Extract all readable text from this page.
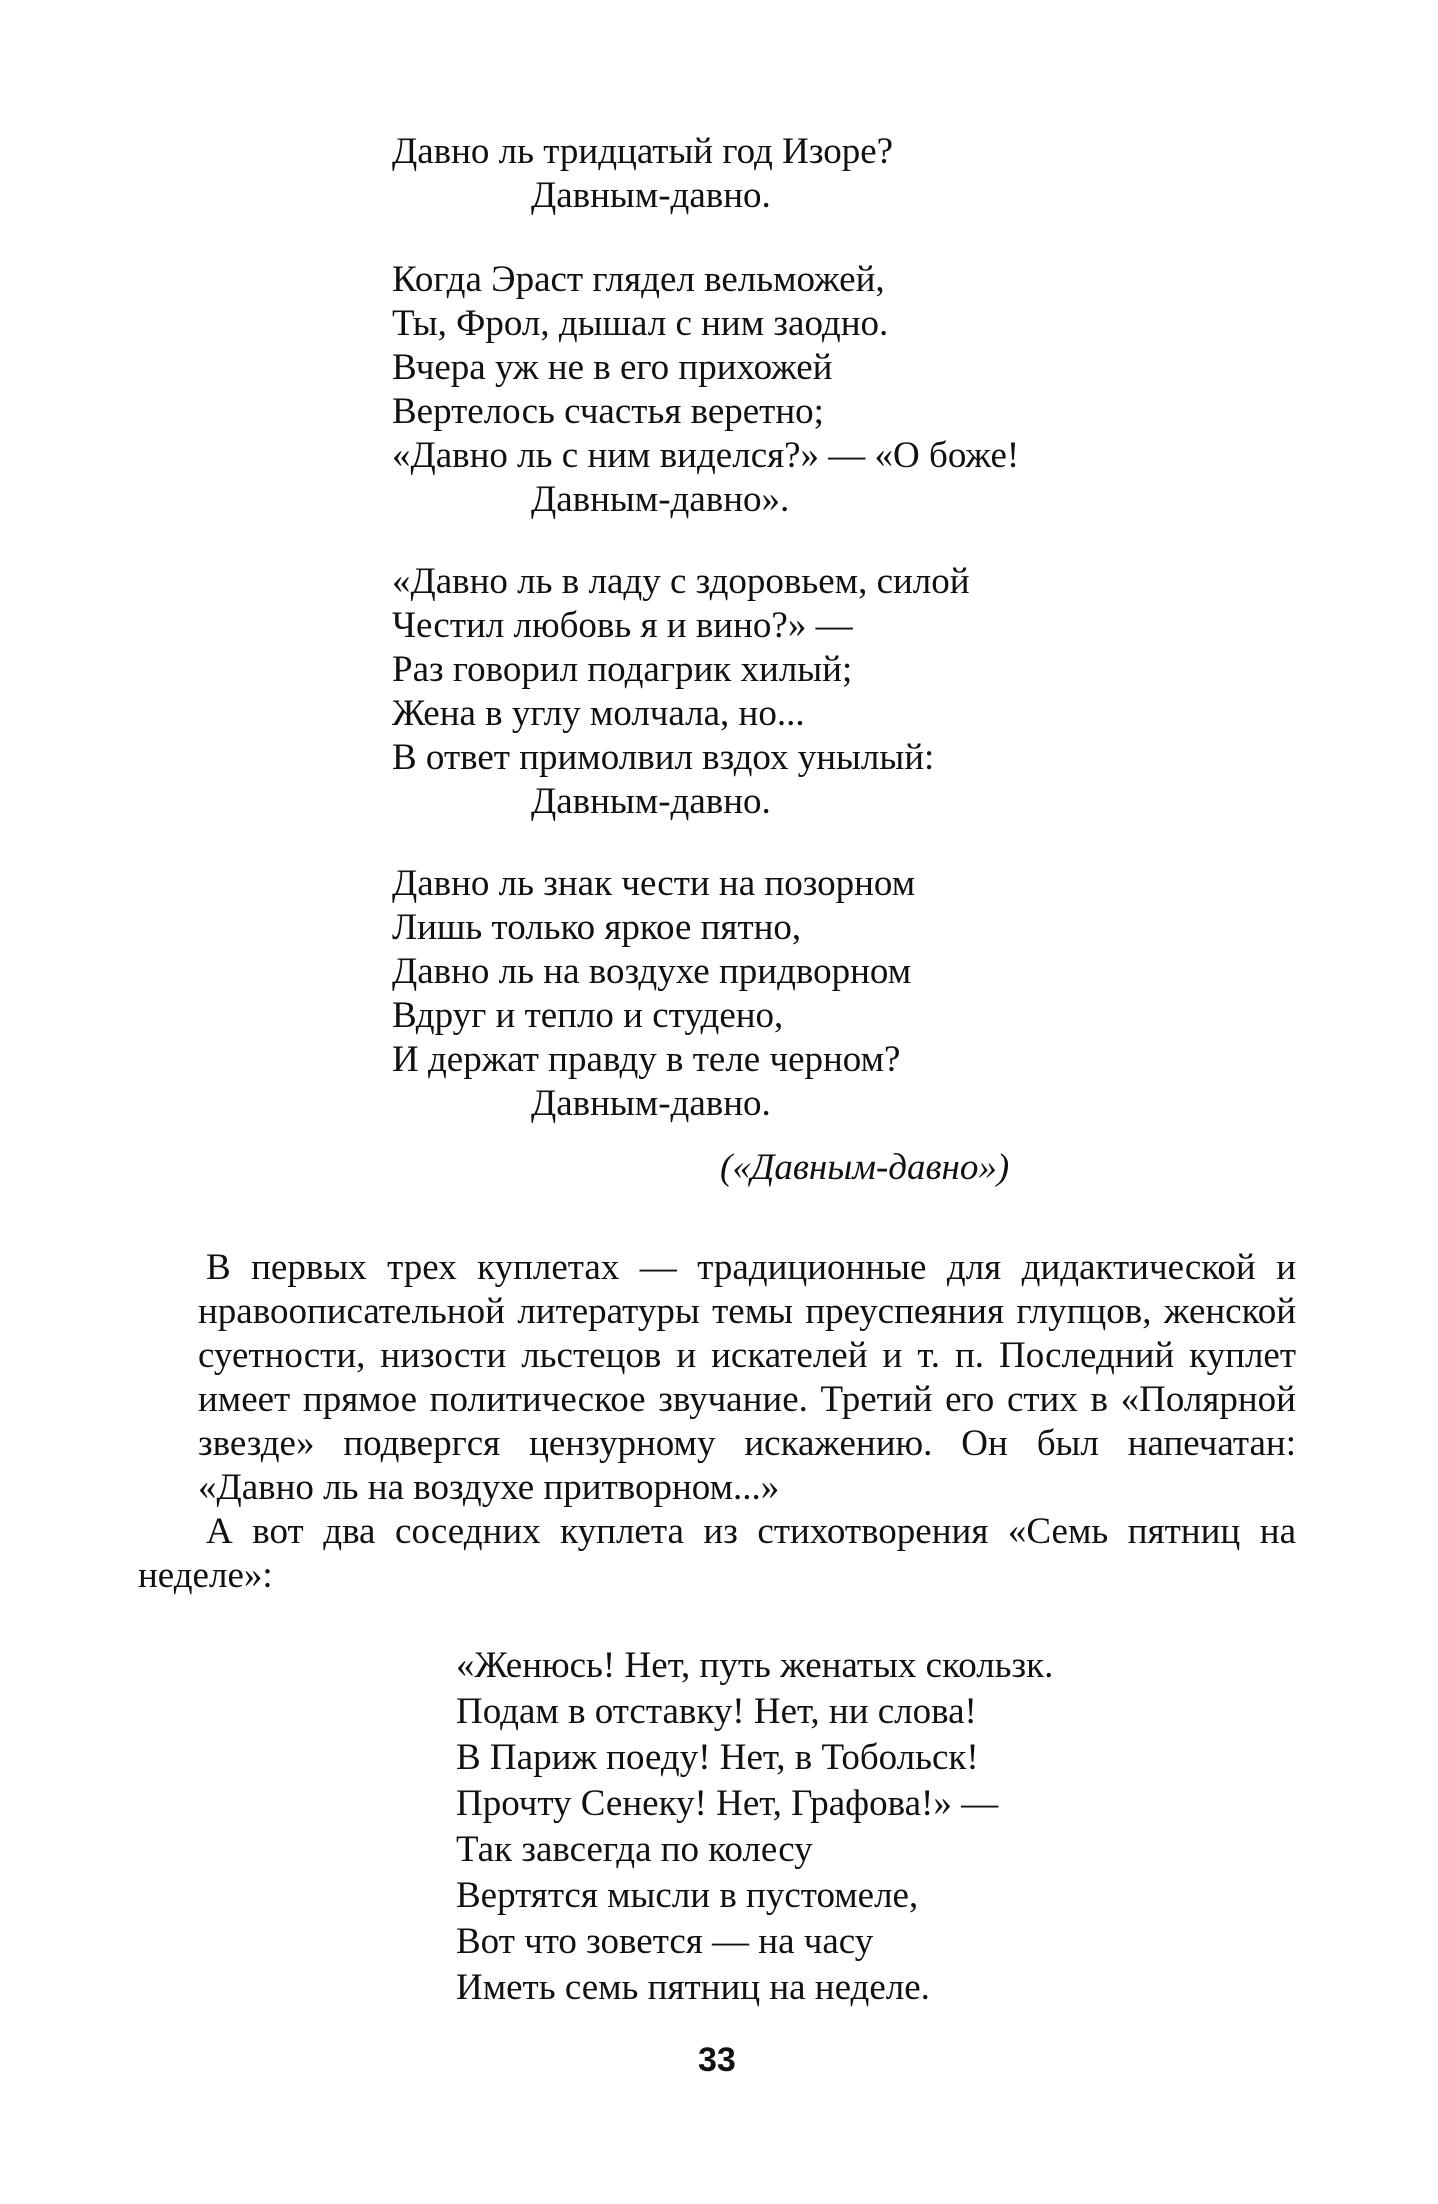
Давно ль тридцатый год Изоре?
Давным-давно.
Когда Эраст глядел вельможей,
Ты, Фрол, дышал с ним заодно.
Вчера уж не в его прихожей
Вертелось счастья веретно;
«Давно ль с ним виделся?» — «О боже!
Давным-давно».
«Давно ль в ладу с здоровьем, силой
Честил любовь я и вино?» —
Раз говорил подагрик хилый;
Жена в углу молчала, но...
В ответ примолвил вздох унылый:
Давным-давно.
Давно ль знак чести на позорном
Лишь только яркое пятно,
Давно ль на воздухе придворном
Вдруг и тепло и студено,
И держат правду в теле черном?
Давным-давно.
(«Давным-давно»)
В первых трех куплетах — традиционные для дидактической и
нравоописательной литературы темы преуспеяния глупцов, женской
суетности, низости льстецов и искателей и т. п. Последний куплет
имеет прямое политическое звучание. Третий его стих в «Полярной
звезде» подвергся цензурному искажению. Он был напечатан:
«Давно ль на воздухе притворном...»
А вот два соседних куплета из стихотворения «Семь пятниц на
неделе»:
«Женюсь! Нет, путь женатых скользк.
Подам в отставку! Нет, ни слова!
В Париж поеду! Нет, в Тобольск!
Прочту Сенеку! Нет, Графова!» —
Так завсегда по колесу
Вертятся мысли в пустомеле,
Вот что зовется — на часу
Иметь семь пятниц на неделе.
33
